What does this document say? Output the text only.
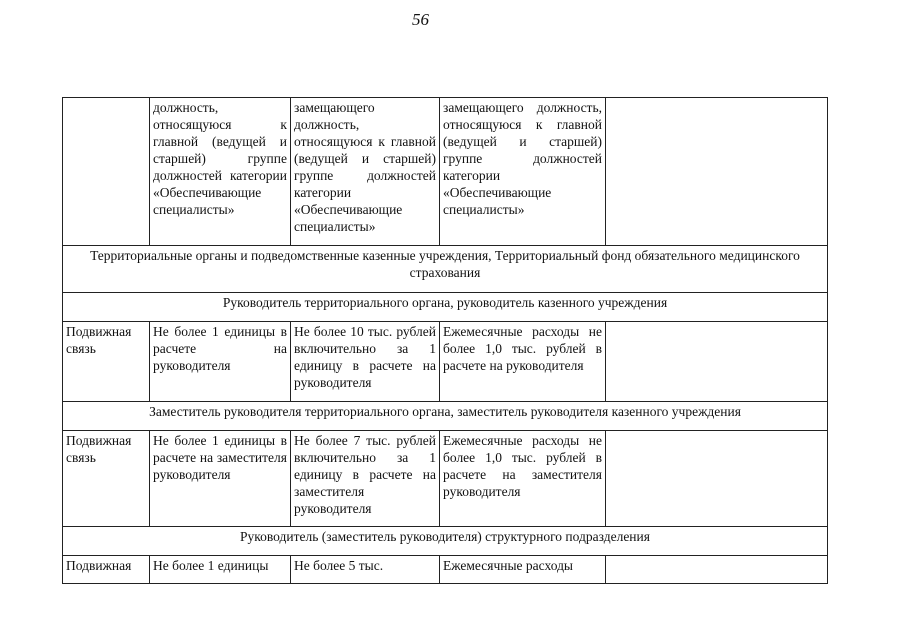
56
	должность, относящуюся к главной (ведущей и старшей) группе должностей категории «Обеспечивающие специалисты»	замещающего должность, относящуюся к главной (ведущей и старшей) группе должностей категории «Обеспечивающие специалисты»	замещающего должность, относящуюся к главной (ведущей и старшей) группе должностей категории «Обеспечивающие специалисты»	
Территориальные органы и подведомственные казенные учреждения, Территориальный фонд обязательного медицинского страхования				
Руководитель территориального органа, руководитель казенного учреждения				
Подвижная связь	Не более 1 единицы в расчете на руководителя	Не более 10 тыс. рублей включительно за 1 единицу в расчете на руководителя	Ежемесячные расходы не более 1,0 тыс. рублей в расчете на руководителя	
Заместитель руководителя территориального органа, заместитель руководителя казенного учреждения				
Подвижная связь	Не более 1 единицы в расчете на заместителя руководителя	Не более 7 тыс. рублей включительно за 1 единицу в расчете на заместителя руководителя	Ежемесячные расходы не более 1,0 тыс. рублей в расчете на заместителя руководителя	
Руководитель (заместитель руководителя) структурного подразделения				
Подвижная	Не более 1 единицы	Не более 5 тыс.	Ежемесячные расходы	
